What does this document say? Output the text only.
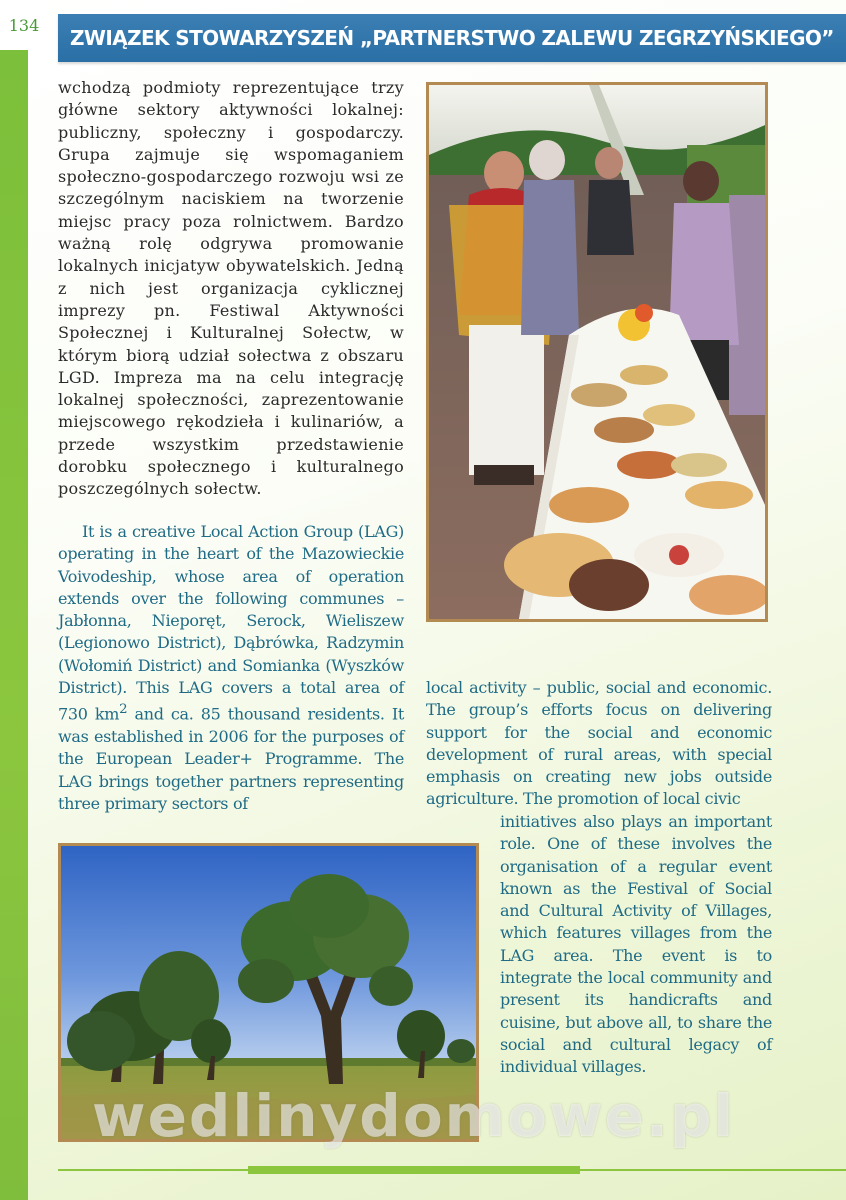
134
ZWIĄZEK STOWARZYSZEŃ „PARTNERSTWO ZALEWU ZEGRZYŃSKIEGO”

wchodzą podmioty reprezentujące trzy główne sektory aktywności lokalnej: publiczny, społeczny i gospodarczy. Grupa zajmuje się wspomaganiem społeczno-gospodarczego rozwoju wsi ze szczególnym naciskiem na tworzenie miejsc pracy poza rolnictwem. Bardzo ważną rolę odgrywa promowanie lokalnych inicjatyw obywatelskich. Jedną z nich jest organizacja cyklicznej imprezy pn. Festiwal Aktywności Społecznej i Kulturalnej Sołectw, w którym biorą udział sołectwa z obszaru LGD. Impreza ma na celu integrację lokalnej społeczności, zaprezentowanie miejscowego rękodzieła i kulinariów, a przede wszystkim przedstawienie dorobku społecznego i kulturalnego poszczególnych sołectw.

It is a creative Local Action Group (LAG) operating in the heart of the Mazowieckie Voivodeship, whose area of operation extends over the following communes – Jabłonna, Nieporęt, Serock, Wieliszew (Legionowo District), Dąbrówka, Radzymin (Wołomiń District) and Somianka (Wyszków District). This LAG covers a total area of 730 $km^2$ and ca. 85 thousand residents. It was established in 2006 for the purposes of the European Leader+ Programme. The LAG brings together partners representing three primary sectors of

local activity – public, social and economic. The group’s efforts focus on delivering support for the social and economic development of rural areas, with special emphasis on creating new jobs outside agriculture. The promotion of local civic

initiatives also plays an important role. One of these involves the organisation of a regular event known as the Festival of Social and Cultural Activity of Villages, which features villages from the LAG area. The event is to integrate the local community and present its handicrafts and cuisine, but above all, to share the social and cultural legacy of individual villages.

wedlinydomowe.pl
